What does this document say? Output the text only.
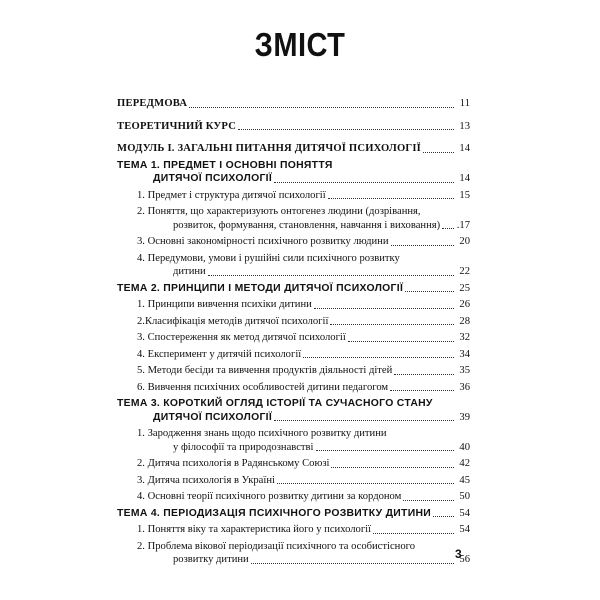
ЗМІСТ
ПЕРЕДМОВА	11
ТЕОРЕТИЧНИЙ КУРС	13
МОДУЛЬ І. ЗАГАЛЬНІ ПИТАННЯ ДИТЯЧОЇ ПСИХОЛОГІЇ	14
ТЕМА 1. ПРЕДМЕТ І ОСНОВНІ ПОНЯТТЯ
ДИТЯЧОЇ ПСИХОЛОГІЇ	14
1. Предмет і структура дитячої психології	15
2. Поняття, що характеризують онтогенез людини (дозрівання,
розвиток, формування, становлення, навчання і виховання) .17
3. Основні закономірності психічного розвитку людини	20
4. Передумови, умови і рушійні сили психічного розвитку
дитини	22
ТЕМА 2. ПРИНЦИПИ І МЕТОДИ ДИТЯЧОЇ ПСИХОЛОГІЇ	25
1. Принципи вивчення психіки дитини	26
2.Класифікація методів дитячої психології	28
3. Спостереження як метод дитячої психології	32
4. Експеримент у дитячій психології	34
5. Методи бесіди та вивчення продуктів діяльності дітей	35
6. Вивчення психічних особливостей дитини педагогом	36
ТЕМА 3. КОРОТКИЙ ОГЛЯД ІСТОРІЇ ТА СУЧАСНОГО СТАНУ
ДИТЯЧОЇ ПСИХОЛОГІЇ	39
1. Зародження знань щодо психічного розвитку дитини
у філософії та природознавстві	40
2. Дитяча психологія в Радянському Союзі	42
3. Дитяча психологія в Україні	45
4. Основні теорії психічного розвитку дитини за кордоном	50
ТЕМА 4. ПЕРІОДИЗАЦІЯ ПСИХІЧНОГО РОЗВИТКУ ДИТИНИ	54
1. Поняття віку та характеристика його у психології	54
2. Проблема вікової періодизації психічного та особистісного
розвитку дитини	56
3
